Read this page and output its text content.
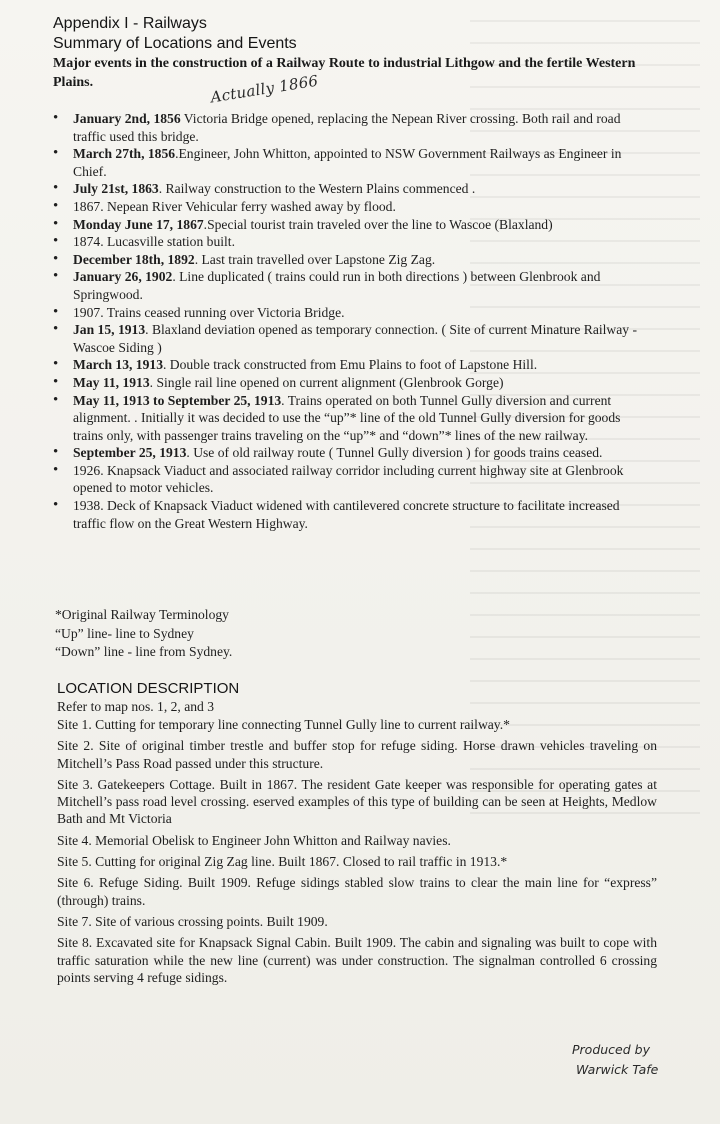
Appendix I - Railways
Summary of Locations and Events

Major events in the construction of a Railway Route to industrial Lithgow and the fertile Western Plains.	Actually 1866
• January 2nd, 1856 Victoria Bridge opened, replacing the Nepean River crossing. Both rail and road traffic used this bridge.
• March 27th, 1856.Engineer, John Whitton, appointed to NSW Government Railways as Engineer in Chief.
• July 21st, 1863. Railway construction to the Western Plains commenced .
• 1867. Nepean River Vehicular ferry washed away by flood.
• Monday June 17, 1867.Special tourist train traveled over the line to Wascoe (Blaxland)
• 1874. Lucasville station built.
• December 18th, 1892. Last train travelled over Lapstone Zig Zag.
• January 26, 1902. Line duplicated ( trains could run in both directions ) between Glenbrook and Springwood.
• 1907. Trains ceased running over Victoria Bridge.
• Jan 15, 1913. Blaxland deviation opened as temporary connection. ( Site of current Minature Railway - Wascoe Siding )
• March 13, 1913. Double track constructed from Emu Plains to foot of Lapstone Hill.
• May 11, 1913. Single rail line opened on current alignment (Glenbrook Gorge)
• May 11, 1913 to September 25, 1913. Trains operated on both Tunnel Gully diversion and current alignment. . Initially it was decided to use the “up”* line of the old Tunnel Gully diversion for goods trains only, with passenger trains traveling on the “up”* and “down”* lines of the new railway.
• September 25, 1913. Use of old railway route ( Tunnel Gully diversion ) for goods trains ceased.
• 1926. Knapsack Viaduct and associated railway corridor including current highway site at Glenbrook opened to motor vehicles.
• 1938. Deck of Knapsack Viaduct widened with cantilevered concrete structure to facilitate increased traffic flow on the Great Western Highway.

*Original Railway Terminology

“Up” line- line to Sydney

“Down” line - line from Sydney.

LOCATION DESCRIPTION

Refer to map nos. 1, 2, and 3

Site 1. Cutting for temporary line connecting Tunnel Gully line to current railway.*
Site 2. Site of original timber trestle and buffer stop for refuge siding. Horse drawn vehicles traveling on Mitchell’s Pass Road passed under this structure.
Site 3. Gatekeepers Cottage. Built in 1867. The resident Gate keeper was responsible for operating gates at Mitchell’s pass road level crossing. eserved examples of this type of building can be seen at Heights, Medlow Bath and Mt Victoria
Site 4. Memorial Obelisk to Engineer John Whitton and Railway navies.
Site 5. Cutting for original Zig Zag line. Built 1867. Closed to rail traffic in 1913.*
Site 6. Refuge Siding. Built 1909. Refuge sidings stabled slow trains to clear the main line for “express” (through) trains.
Site 7. Site of various crossing points. Built 1909.
Site 8. Excavated site for Knapsack Signal Cabin. Built 1909. The cabin and signaling was built to cope with traffic saturation while the new line (current) was under construction. The signalman controlled 6 crossing points serving 4 refuge sidings.
Produced by
Warwick Tafe
